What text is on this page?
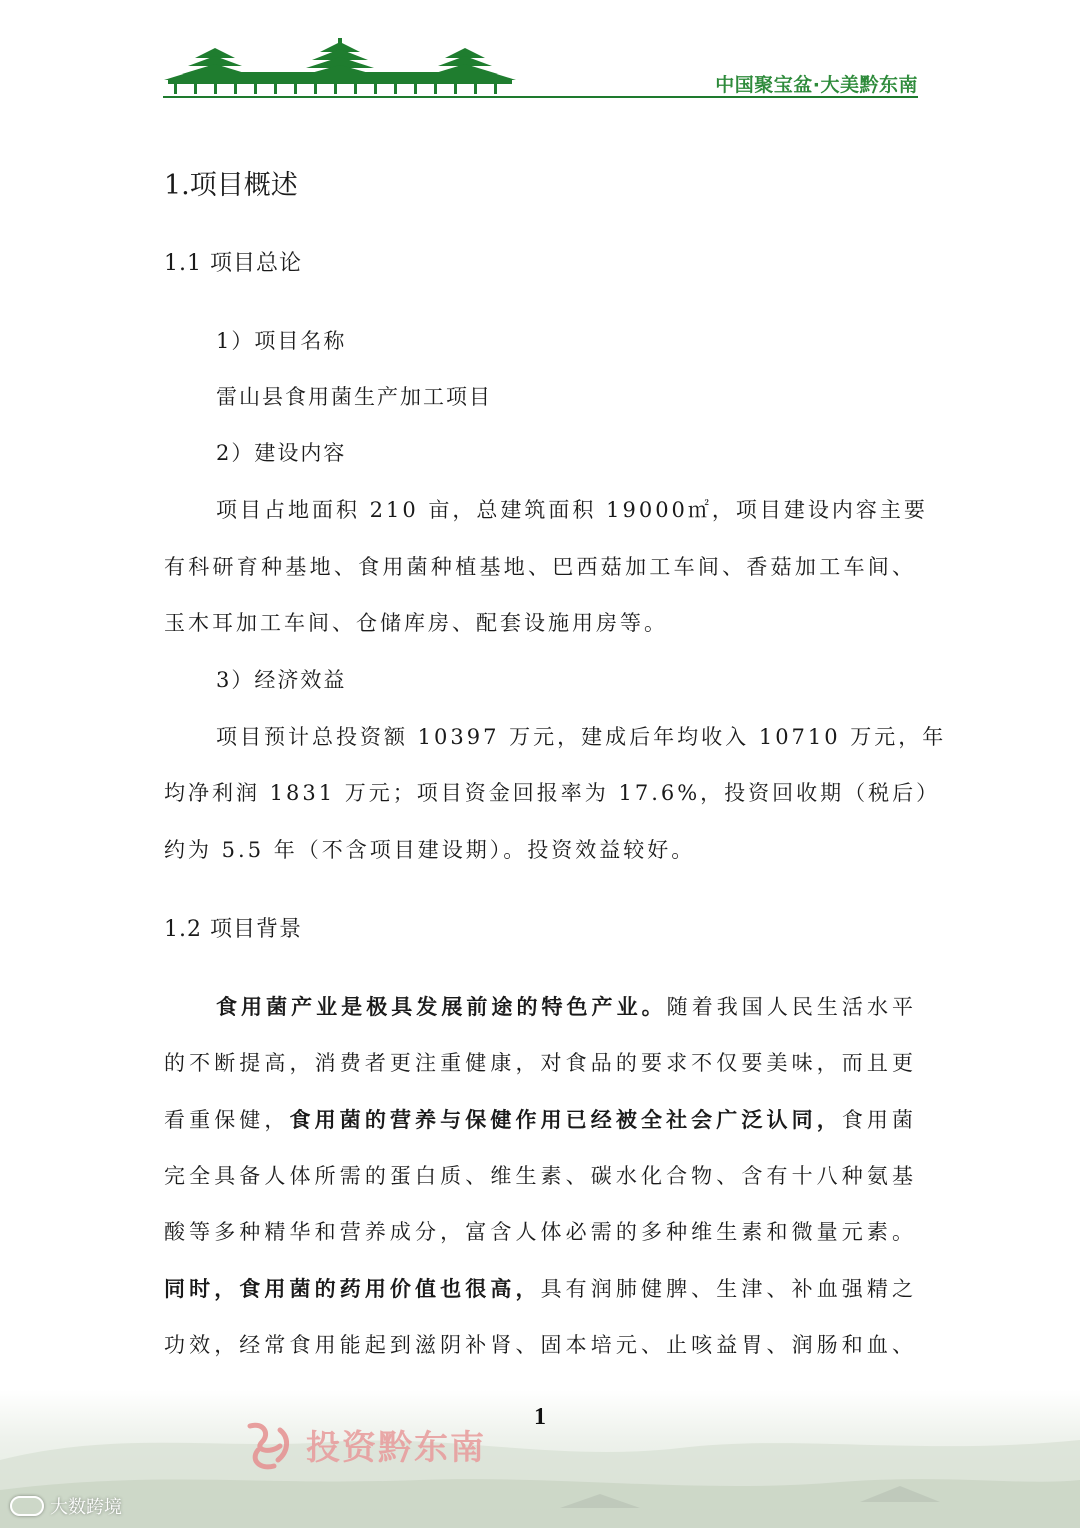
中国聚宝盆·大美黔东南
1.项目概述
1.1 项目总论
1）项目名称
雷山县食用菌生产加工项目
2）建设内容
项目占地面积 210 亩，总建筑面积 19000㎡，项目建设内容主要
有科研育种基地、食用菌种植基地、巴西菇加工车间、香菇加工车间、
玉木耳加工车间、仓储库房、配套设施用房等。
3）经济效益
项目预计总投资额 10397 万元，建成后年均收入 10710 万元，年
均净利润 1831 万元；项目资金回报率为 17.6%，投资回收期（税后）
约为 5.5 年（不含项目建设期）。投资效益较好。
1.2 项目背景
食用菌产业是极具发展前途的特色产业。随着我国人民生活水平
的不断提高，消费者更注重健康，对食品的要求不仅要美味，而且更
看重保健，食用菌的营养与保健作用已经被全社会广泛认同，食用菌
完全具备人体所需的蛋白质、维生素、碳水化合物、含有十八种氨基
酸等多种精华和营养成分，富含人体必需的多种维生素和微量元素。
同时，食用菌的药用价值也很高，具有润肺健脾、生津、补血强精之
功效，经常食用能起到滋阴补肾、固本培元、止咳益胃、润肠和血、
1
投资黔东南
大数跨境
